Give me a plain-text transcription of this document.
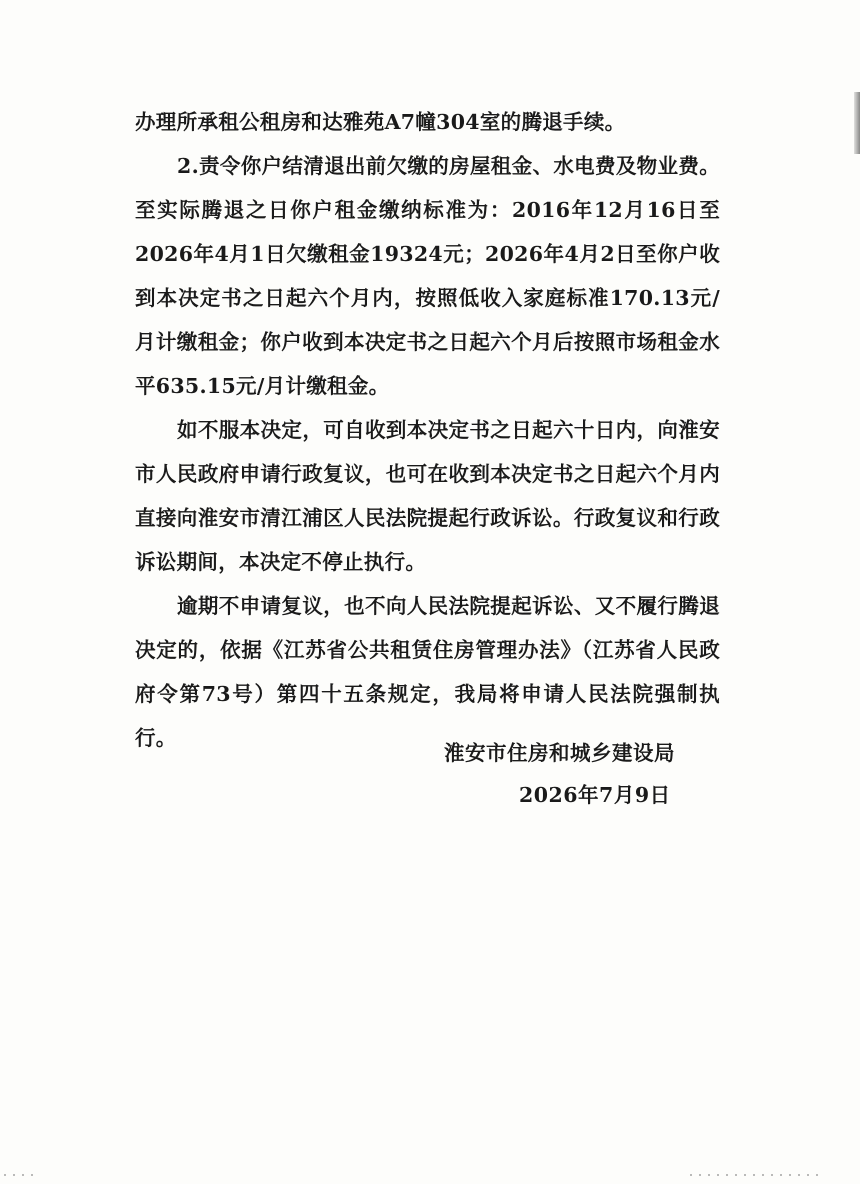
办理所承租公租房和达雅苑A7幢304室的腾退手续。

2.责令你户结清退出前欠缴的房屋租金、水电费及物业费。至实际腾退之日你户租金缴纳标准为：2016年12月16日至2026年4月1日欠缴租金19324元；2026年4月2日至你户收到本决定书之日起六个月内，按照低收入家庭标准170.13元/月计缴租金；你户收到本决定书之日起六个月后按照市场租金水平635.15元/月计缴租金。

如不服本决定，可自收到本决定书之日起六十日内，向淮安市人民政府申请行政复议，也可在收到本决定书之日起六个月内直接向淮安市清江浦区人民法院提起行政诉讼。行政复议和行政诉讼期间，本决定不停止执行。

逾期不申请复议，也不向人民法院提起诉讼、又不履行腾退决定的，依据《江苏省公共租赁住房管理办法》（江苏省人民政府令第73号）第四十五条规定，我局将申请人民法院强制执行。

淮安市住房和城乡建设局
2026年7月9日
